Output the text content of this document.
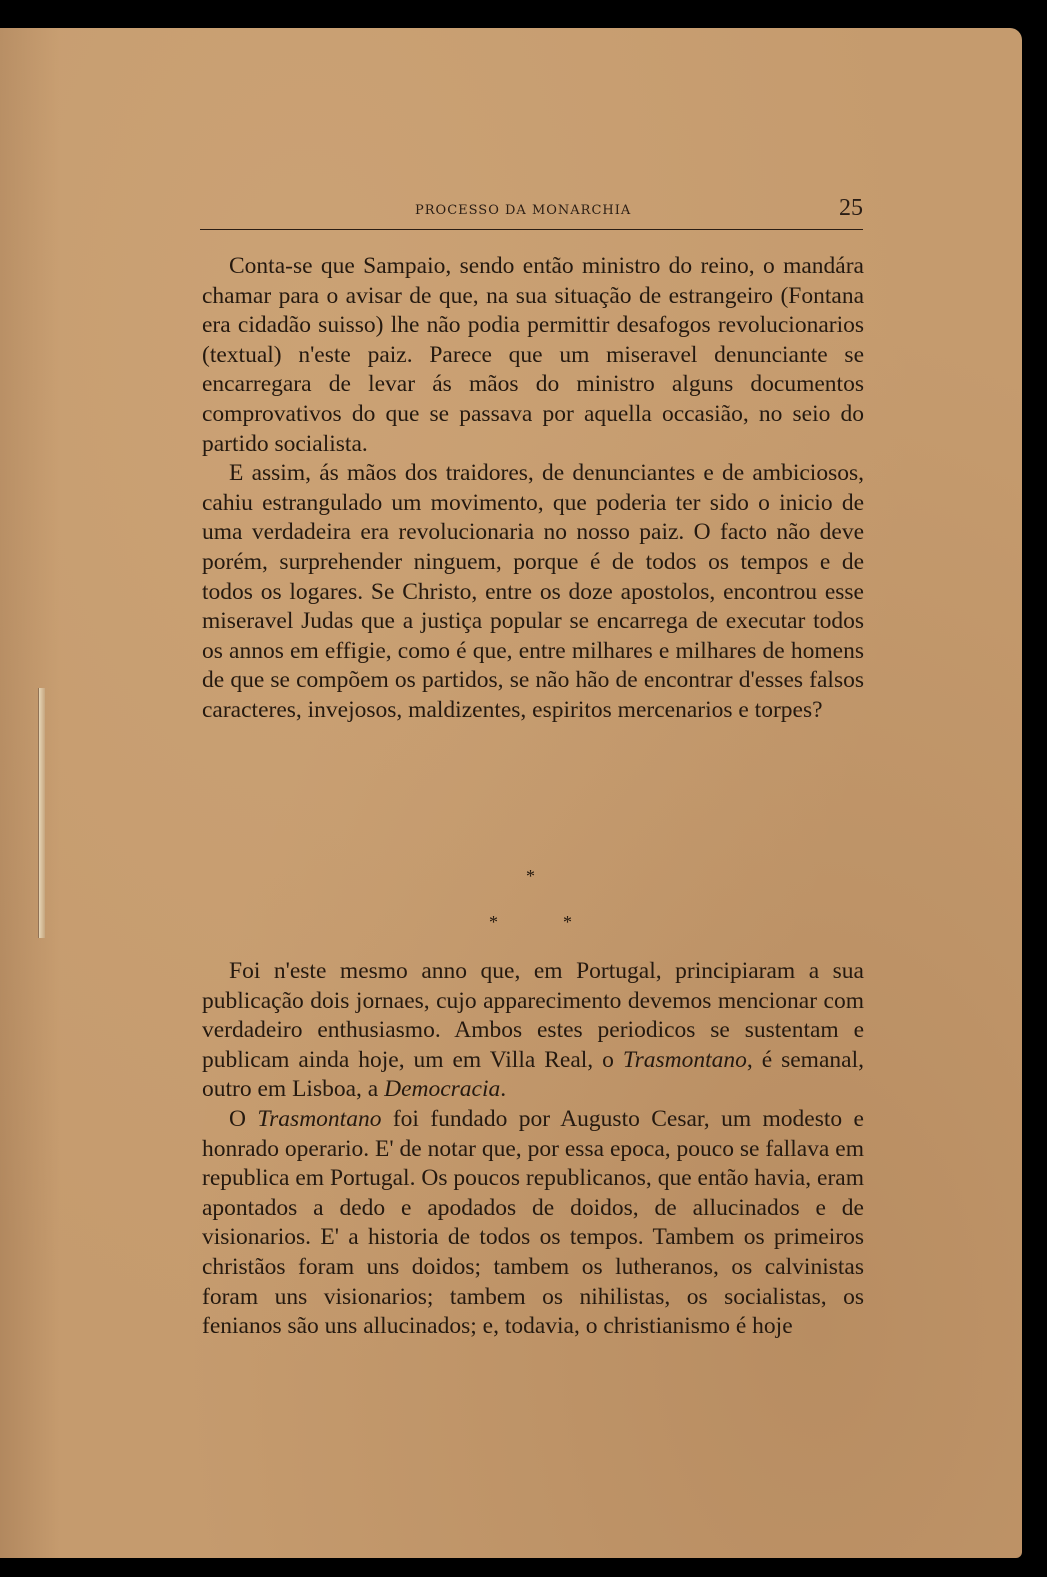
PROCESSO DA MONARCHIA	25

Conta-se que Sampaio, sendo então ministro do reino, o mandára chamar para o avisar de que, na sua situação de estrangeiro (Fontana era cidadão suisso) lhe não podia permittir desafogos revolucionarios (textual) n'este paiz. Parece que um miseravel denunciante se encarregara de levar ás mãos do ministro alguns documentos comprovativos do que se passava por aquella occasião, no seio do partido socialista.

E assim, ás mãos dos traidores, de denunciantes e de ambiciosos, cahiu estrangulado um movimento, que poderia ter sido o inicio de uma verdadeira era revolucionaria no nosso paiz. O facto não deve porém, surprehender ninguem, porque é de todos os tempos e de todos os logares. Se Christo, entre os doze apostolos, encontrou esse miseravel Judas que a justiça popular se encarrega de executar todos os annos em effigie, como é que, entre milhares e milhares de homens de que se compõem os partidos, se não hão de encontrar d'esses falsos caracteres, invejosos, maldizentes, espiritos mercenarios e torpes?

*
*	*

Foi n'este mesmo anno que, em Portugal, principiaram a sua publicação dois jornaes, cujo apparecimento devemos mencionar com verdadeiro enthusiasmo. Ambos estes periodicos se sustentam e publicam ainda hoje, um em Villa Real, o Trasmontano, é semanal, outro em Lisboa, a Democracia.

O Trasmontano foi fundado por Augusto Cesar, um modesto e honrado operario. E' de notar que, por essa epoca, pouco se fallava em republica em Portugal. Os poucos republicanos, que então havia, eram apontados a dedo e apodados de doidos, de allucinados e de visionarios. E' a historia de todos os tempos. Tambem os primeiros christãos foram uns doidos; tambem os lutheranos, os calvinistas foram uns visionarios; tambem os nihilistas, os socialistas, os fenianos são uns allucinados; e, todavia, o christianismo é hoje
